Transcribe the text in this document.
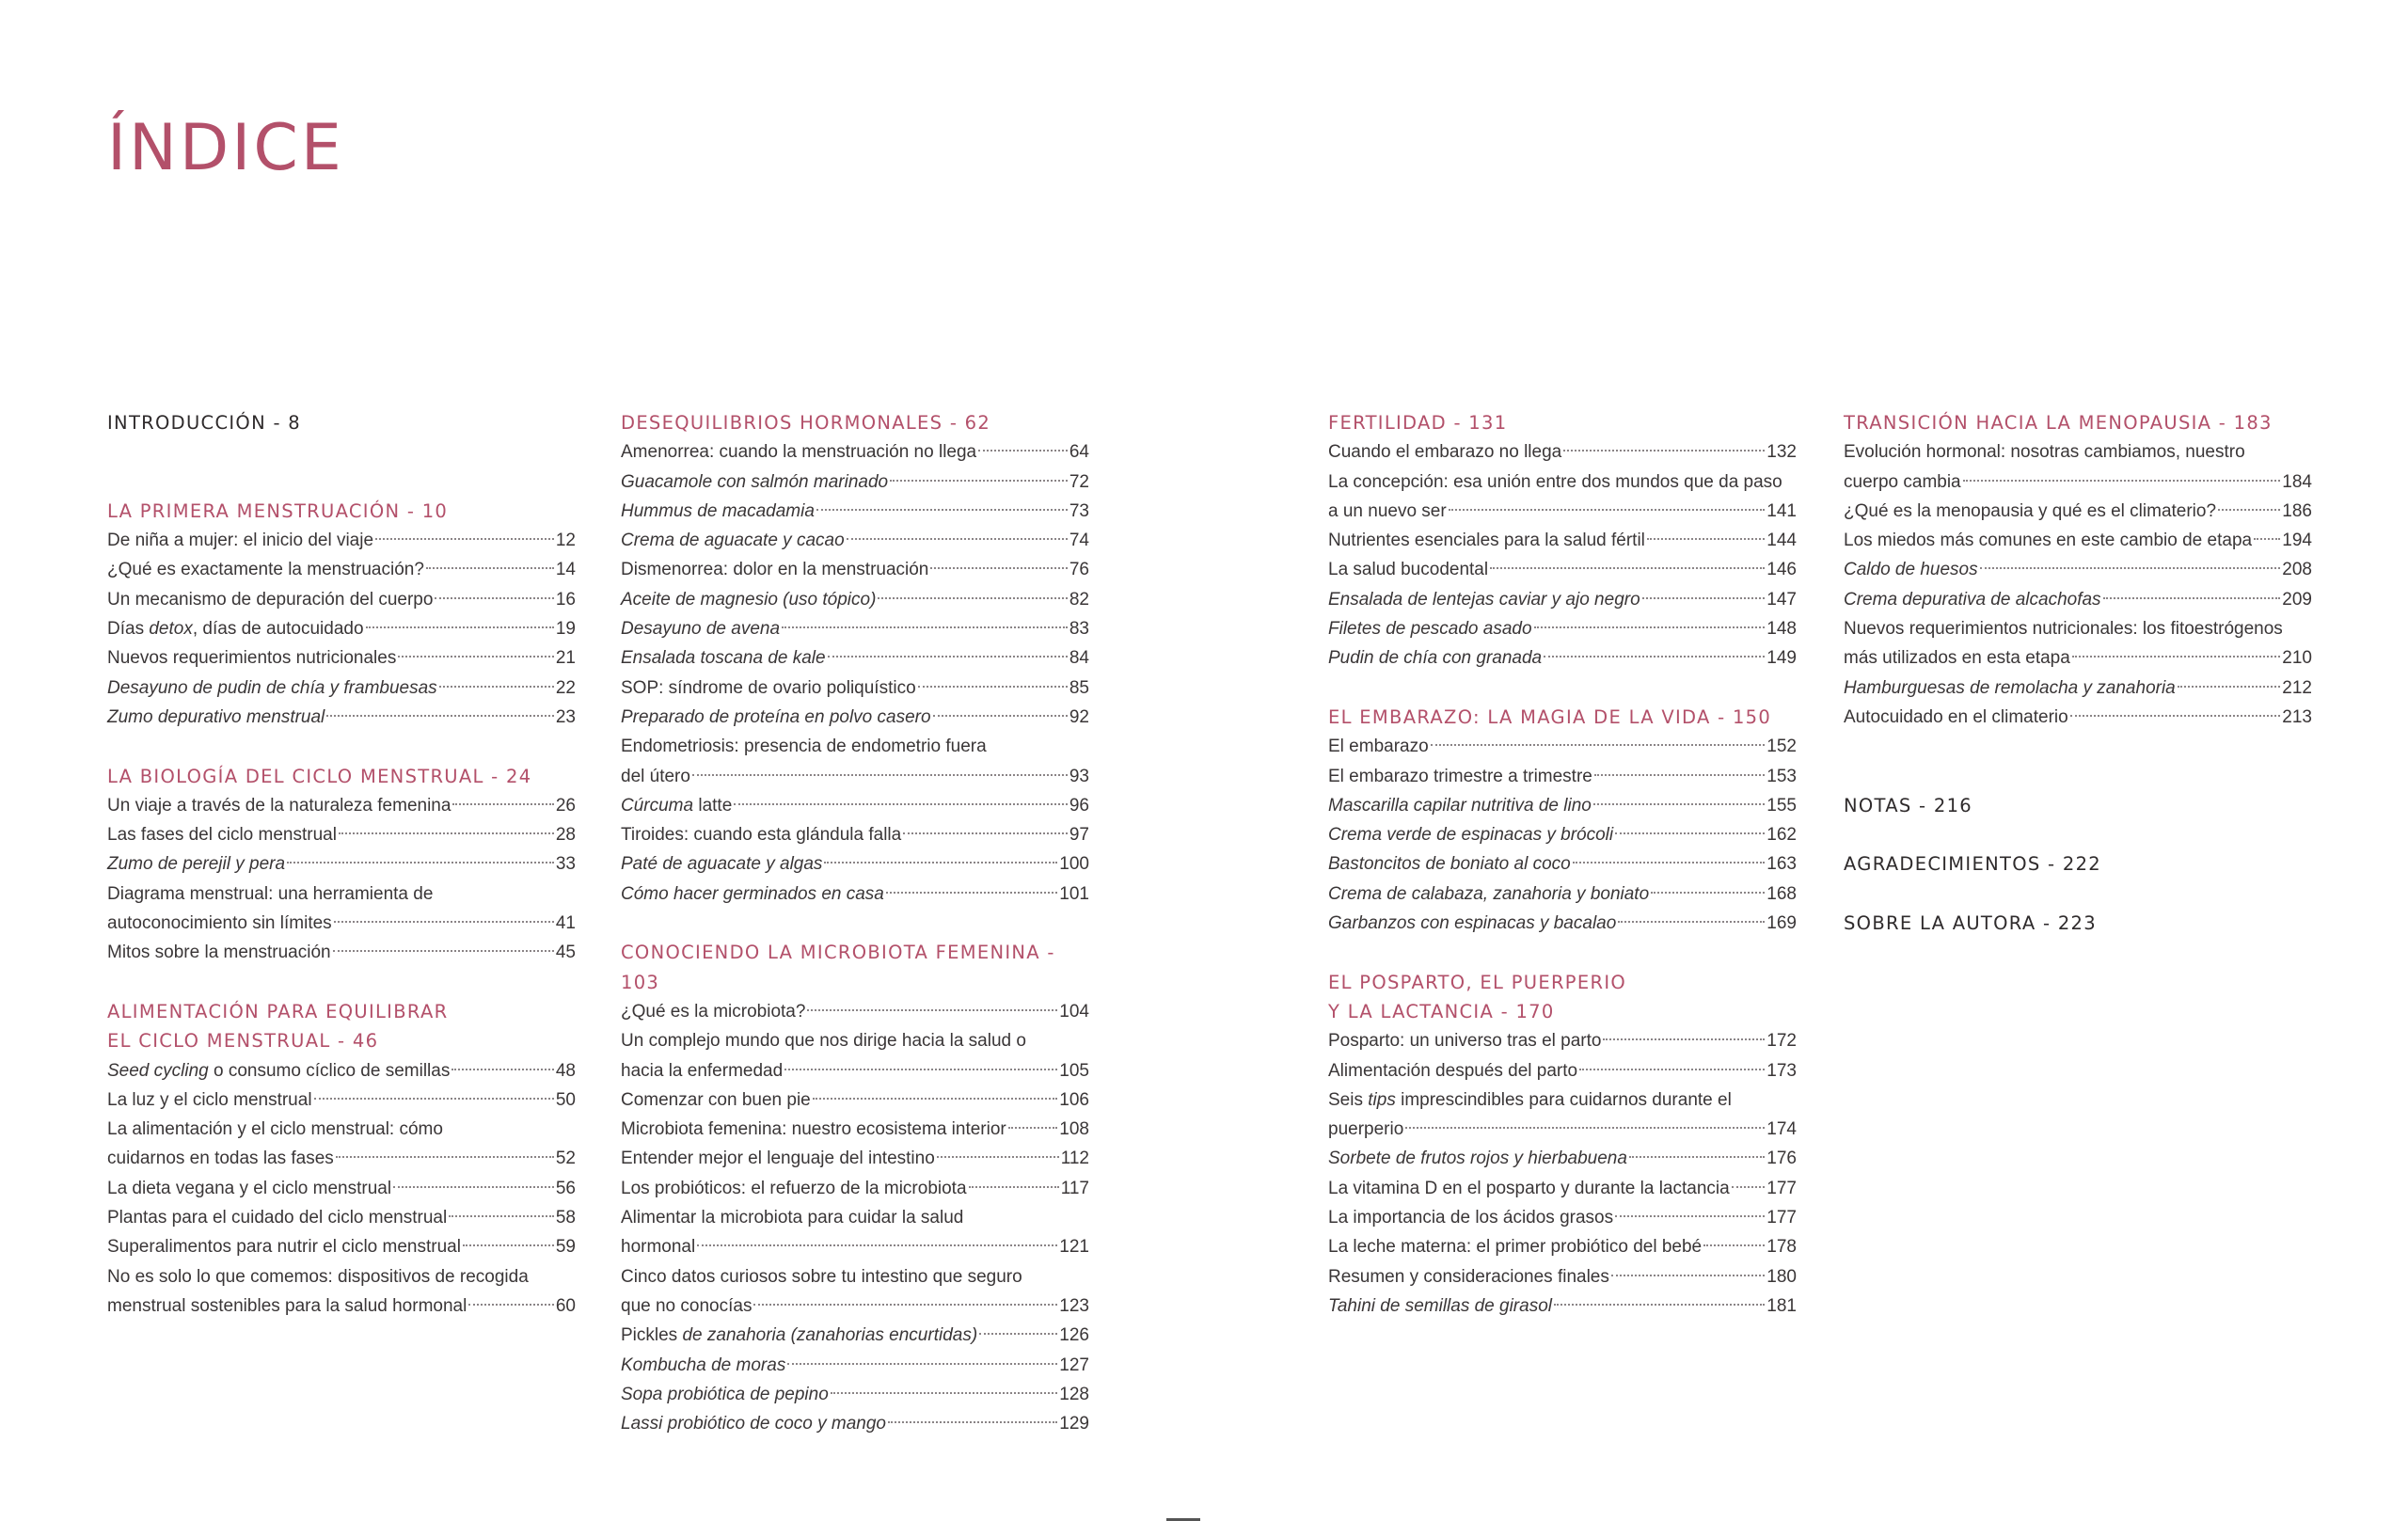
ÍNDICE
INTRODUCCIÓN - 8
LA PRIMERA MENSTRUACIÓN - 10
De niña a mujer: el inicio del viaje	12
¿Qué es exactamente la menstruación?	14
Un mecanismo de depuración del cuerpo	16
Días detox, días de autocuidado	19
Nuevos requerimientos nutricionales	21
Desayuno de pudin de chía y frambuesas	22
Zumo depurativo menstrual	23
LA BIOLOGÍA DEL CICLO MENSTRUAL - 24
Un viaje a través de la naturaleza femenina	26
Las fases del ciclo menstrual	28
Zumo de perejil y pera	33
Diagrama menstrual: una herramienta de
autoconocimiento sin límites	41
Mitos sobre la menstruación	45
ALIMENTACIÓN PARA EQUILIBRAR
EL CICLO MENSTRUAL - 46
Seed cycling o consumo cíclico de semillas	48
La luz y el ciclo menstrual	50
La alimentación y el ciclo menstrual: cómo
cuidarnos en todas las fases	52
La dieta vegana y el ciclo menstrual	56
Plantas para el cuidado del ciclo menstrual	58
Superalimentos para nutrir el ciclo menstrual	59
No es solo lo que comemos: dispositivos de recogida
menstrual sostenibles para la salud hormonal	60
DESEQUILIBRIOS HORMONALES - 62
Amenorrea: cuando la menstruación no llega	64
Guacamole con salmón marinado	72
Hummus de macadamia	73
Crema de aguacate y cacao	74
Dismenorrea: dolor en la menstruación	76
Aceite de magnesio (uso tópico)	82
Desayuno de avena	83
Ensalada toscana de kale	84
SOP: síndrome de ovario poliquístico	85
Preparado de proteína en polvo casero	92
Endometriosis: presencia de endometrio fuera
del útero	93
Cúrcuma latte	96
Tiroides: cuando esta glándula falla	97
Paté de aguacate y algas	100
Cómo hacer germinados en casa	101
CONOCIENDO LA MICROBIOTA FEMENINA - 103
¿Qué es la microbiota?	104
Un complejo mundo que nos dirige hacia la salud o
hacia la enfermedad	105
Comenzar con buen pie	106
Microbiota femenina: nuestro ecosistema interior	108
Entender mejor el lenguaje del intestino	112
Los probióticos: el refuerzo de la microbiota	117
Alimentar la microbiota para cuidar la salud
hormonal	121
Cinco datos curiosos sobre tu intestino que seguro
que no conocías	123
Pickles de zanahoria (zanahorias encurtidas)	126
Kombucha de moras	127
Sopa probiótica de pepino	128
Lassi probiótico de coco y mango	129
FERTILIDAD - 131
Cuando el embarazo no llega	132
La concepción: esa unión entre dos mundos que da paso
a un nuevo ser	141
Nutrientes esenciales para la salud fértil	144
La salud bucodental	146
Ensalada de lentejas caviar y ajo negro	147
Filetes de pescado asado	148
Pudin de chía con granada	149
EL EMBARAZO: LA MAGIA DE LA VIDA - 150
El embarazo	152
El embarazo trimestre a trimestre	153
Mascarilla capilar nutritiva de lino	155
Crema verde de espinacas y brócoli	162
Bastoncitos de boniato al coco	163
Crema de calabaza, zanahoria y boniato	168
Garbanzos con espinacas y bacalao	169
EL POSPARTO, EL PUERPERIO
Y LA LACTANCIA - 170
Posparto: un universo tras el parto	172
Alimentación después del parto	173
Seis tips imprescindibles para cuidarnos durante el
puerperio	174
Sorbete de frutos rojos y hierbabuena	176
La vitamina D en el posparto y durante la lactancia 177
La importancia de los ácidos grasos	177
La leche materna: el primer probiótico del bebé	178
Resumen y consideraciones finales	180
Tahini de semillas de girasol	181
TRANSICIÓN HACIA LA MENOPAUSIA - 183
Evolución hormonal: nosotras cambiamos, nuestro
cuerpo cambia	184
¿Qué es la menopausia y qué es el climaterio?	186
Los miedos más comunes en este cambio de etapa 194
Caldo de huesos	208
Crema depurativa de alcachofas	209
Nuevos requerimientos nutricionales: los fitoestrógenos
más utilizados en esta etapa	210
Hamburguesas de remolacha y zanahoria	212
Autocuidado en el climaterio	213
NOTAS - 216
AGRADECIMIENTOS - 222
SOBRE LA AUTORA - 223
